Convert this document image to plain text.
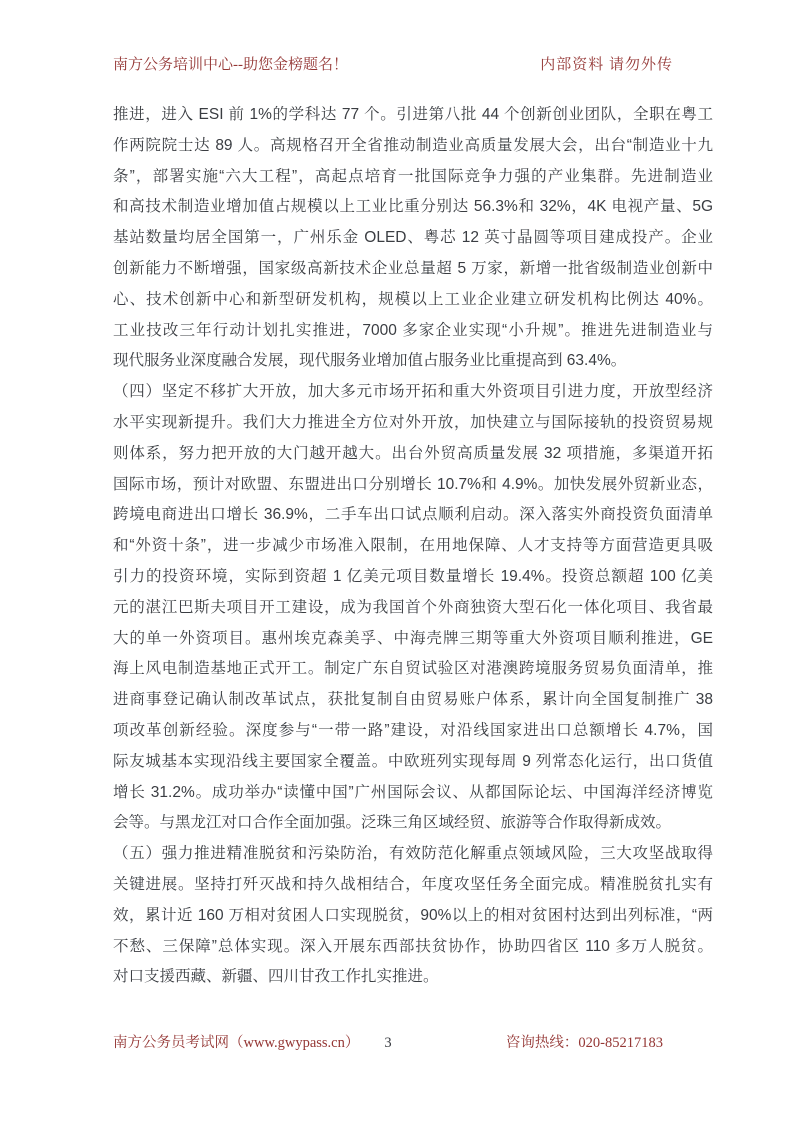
南方公务培训中心--助您金榜题名！	内部资料 请勿外传
推进，进入 ESI 前 1%的学科达 77 个。引进第八批 44 个创新创业团队，全职在粤工
作两院院士达 89 人。高规格召开全省推动制造业高质量发展大会，出台“制造业十九
条”，部署实施“六大工程”，高起点培育一批国际竞争力强的产业集群。先进制造业
和高技术制造业增加值占规模以上工业比重分别达 56.3%和 32%，4K 电视产量、5G
基站数量均居全国第一，广州乐金 OLED、粤芯 12 英寸晶圆等项目建成投产。企业
创新能力不断增强，国家级高新技术企业总量超 5 万家，新增一批省级制造业创新中
心、技术创新中心和新型研发机构，规模以上工业企业建立研发机构比例达 40%。
工业技改三年行动计划扎实推进，7000 多家企业实现“小升规”。推进先进制造业与
现代服务业深度融合发展，现代服务业增加值占服务业比重提高到 63.4%。
（四）坚定不移扩大开放，加大多元市场开拓和重大外资项目引进力度，开放型经济
水平实现新提升。我们大力推进全方位对外开放，加快建立与国际接轨的投资贸易规
则体系，努力把开放的大门越开越大。出台外贸高质量发展 32 项措施，多渠道开拓
国际市场，预计对欧盟、东盟进出口分别增长 10.7%和 4.9%。加快发展外贸新业态，
跨境电商进出口增长 36.9%，二手车出口试点顺利启动。深入落实外商投资负面清单
和“外资十条”，进一步减少市场准入限制，在用地保障、人才支持等方面营造更具吸
引力的投资环境，实际到资超 1 亿美元项目数量增长 19.4%。投资总额超 100 亿美
元的湛江巴斯夫项目开工建设，成为我国首个外商独资大型石化一体化项目、我省最
大的单一外资项目。惠州埃克森美孚、中海壳牌三期等重大外资项目顺利推进，GE
海上风电制造基地正式开工。制定广东自贸试验区对港澳跨境服务贸易负面清单，推
进商事登记确认制改革试点，获批复制自由贸易账户体系，累计向全国复制推广 38
项改革创新经验。深度参与“一带一路”建设，对沿线国家进出口总额增长 4.7%，国
际友城基本实现沿线主要国家全覆盖。中欧班列实现每周 9 列常态化运行，出口货值
增长 31.2%。成功举办“读懂中国”广州国际会议、从都国际论坛、中国海洋经济博览
会等。与黑龙江对口合作全面加强。泛珠三角区域经贸、旅游等合作取得新成效。
（五）强力推进精准脱贫和污染防治，有效防范化解重点领域风险，三大攻坚战取得
关键进展。坚持打歼灭战和持久战相结合，年度攻坚任务全面完成。精准脱贫扎实有
效，累计近 160 万相对贫困人口实现脱贫，90%以上的相对贫困村达到出列标准，“两
不愁、三保障”总体实现。深入开展东西部扶贫协作，协助四省区 110 多万人脱贫。
对口支援西藏、新疆、四川甘孜工作扎实推进。
南方公务员考试网（www.gwypass.cn）	3	咨询热线：020-85217183
